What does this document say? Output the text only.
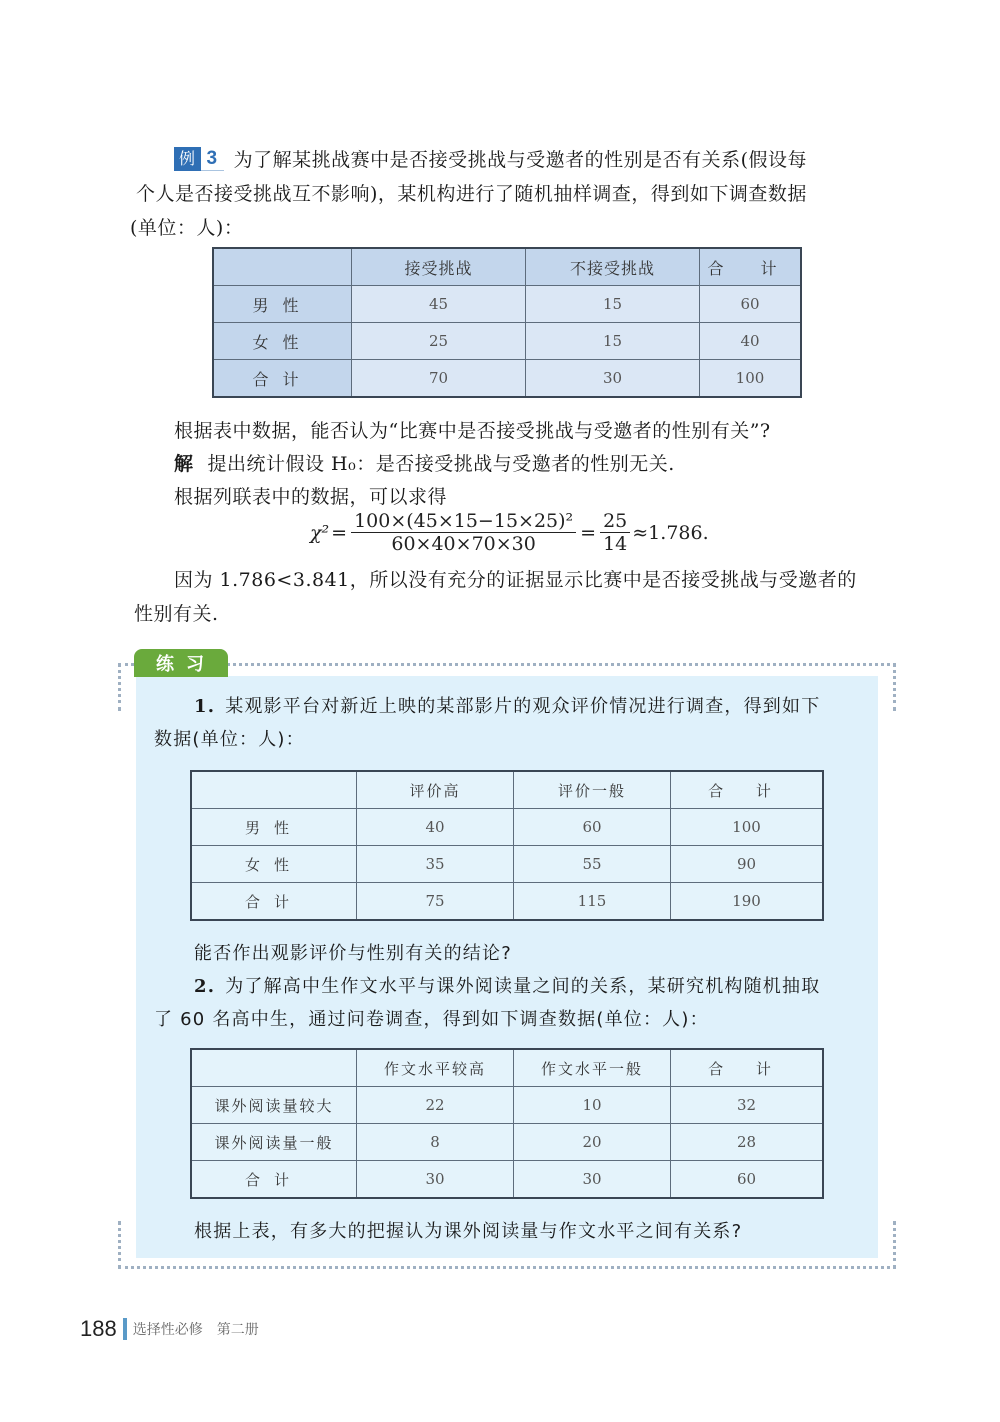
例 3 为了解某挑战赛中是否接受挑战与受邀者的性别是否有关系(假设每
个人是否接受挑战互不影响)，某机构进行了随机抽样调查，得到如下调查数据
(单位：人)：
	接受挑战	不接受挑战	合 计
男性	45	15	60
女性	25	15	40
合计	70	30	100
根据表中数据，能否认为“比赛中是否接受挑战与受邀者的性别有关”?
解 提出统计假设 H₀：是否接受挑战与受邀者的性别无关.
根据列联表中的数据，可以求得
$\chi^2 = \frac{\text{100×(45×15−15×25)²}}{60\times 40\times 70\times 30} = \frac{25}{14} \approx 1.786$.
因为 1.786<3.841，所以没有充分的证据显示比赛中是否接受挑战与受邀者的
性别有关.
练习
1. 某观影平台对新近上映的某部影片的观众评价情况进行调查，得到如下
数据(单位：人)：
	评价高	评价一般	合 计
男性	40	60	100
女性	35	55	90
合计	75	115	190
能否作出观影评价与性别有关的结论?
2. 为了解高中生作文水平与课外阅读量之间的关系，某研究机构随机抽取
了 60 名高中生，通过问卷调查，得到如下调查数据(单位：人)：
	作文水平较高	作文水平一般	合 计
课外阅读量较大	22	10	32
课外阅读量一般	8	20	28
合计	30	30	60
根据上表，有多大的把握认为课外阅读量与作文水平之间有关系?
188 选择性必修 第二册
